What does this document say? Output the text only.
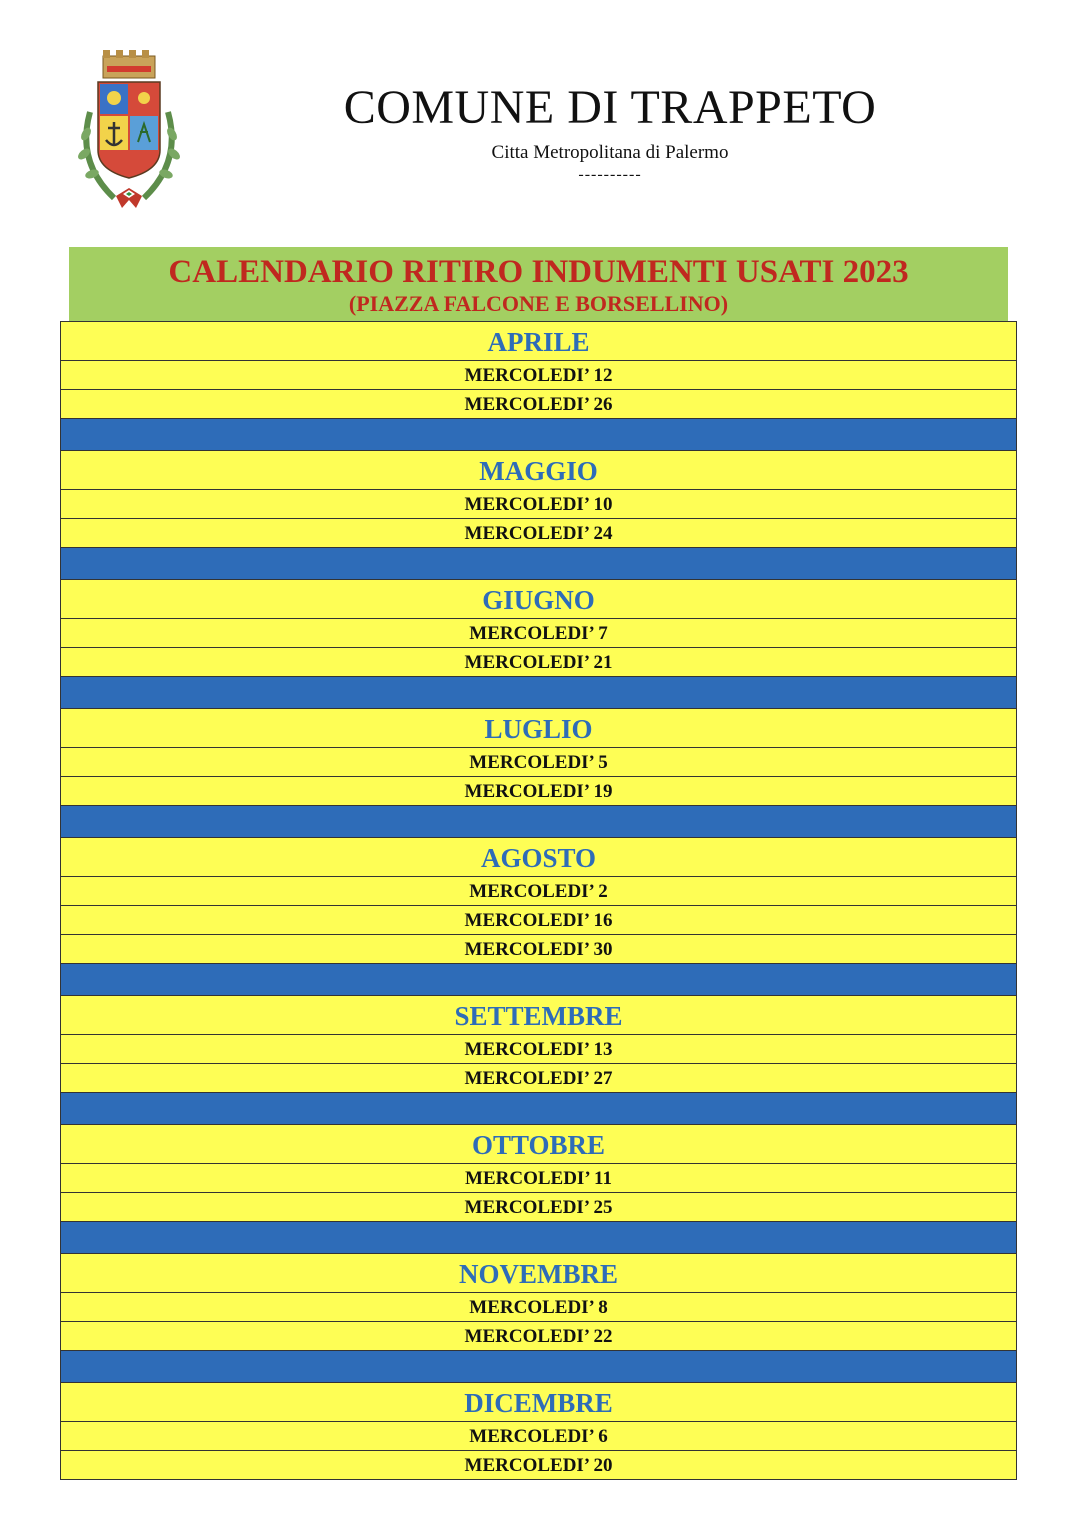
COMUNE DI TRAPPETO
Citta Metropolitana di Palermo
----------
CALENDARIO RITIRO INDUMENTI USATI 2023
(PIAZZA FALCONE E BORSELLINO)
APRILE
MERCOLEDI’ 12
MERCOLEDI’ 26
MAGGIO
MERCOLEDI’ 10
MERCOLEDI’ 24
GIUGNO
MERCOLEDI’ 7
MERCOLEDI’ 21
LUGLIO
MERCOLEDI’ 5
MERCOLEDI’ 19
AGOSTO
MERCOLEDI’ 2
MERCOLEDI’ 16
MERCOLEDI’ 30
SETTEMBRE
MERCOLEDI’ 13
MERCOLEDI’ 27
OTTOBRE
MERCOLEDI’ 11
MERCOLEDI’ 25
NOVEMBRE
MERCOLEDI’ 8
MERCOLEDI’ 22
DICEMBRE
MERCOLEDI’ 6
MERCOLEDI’ 20
